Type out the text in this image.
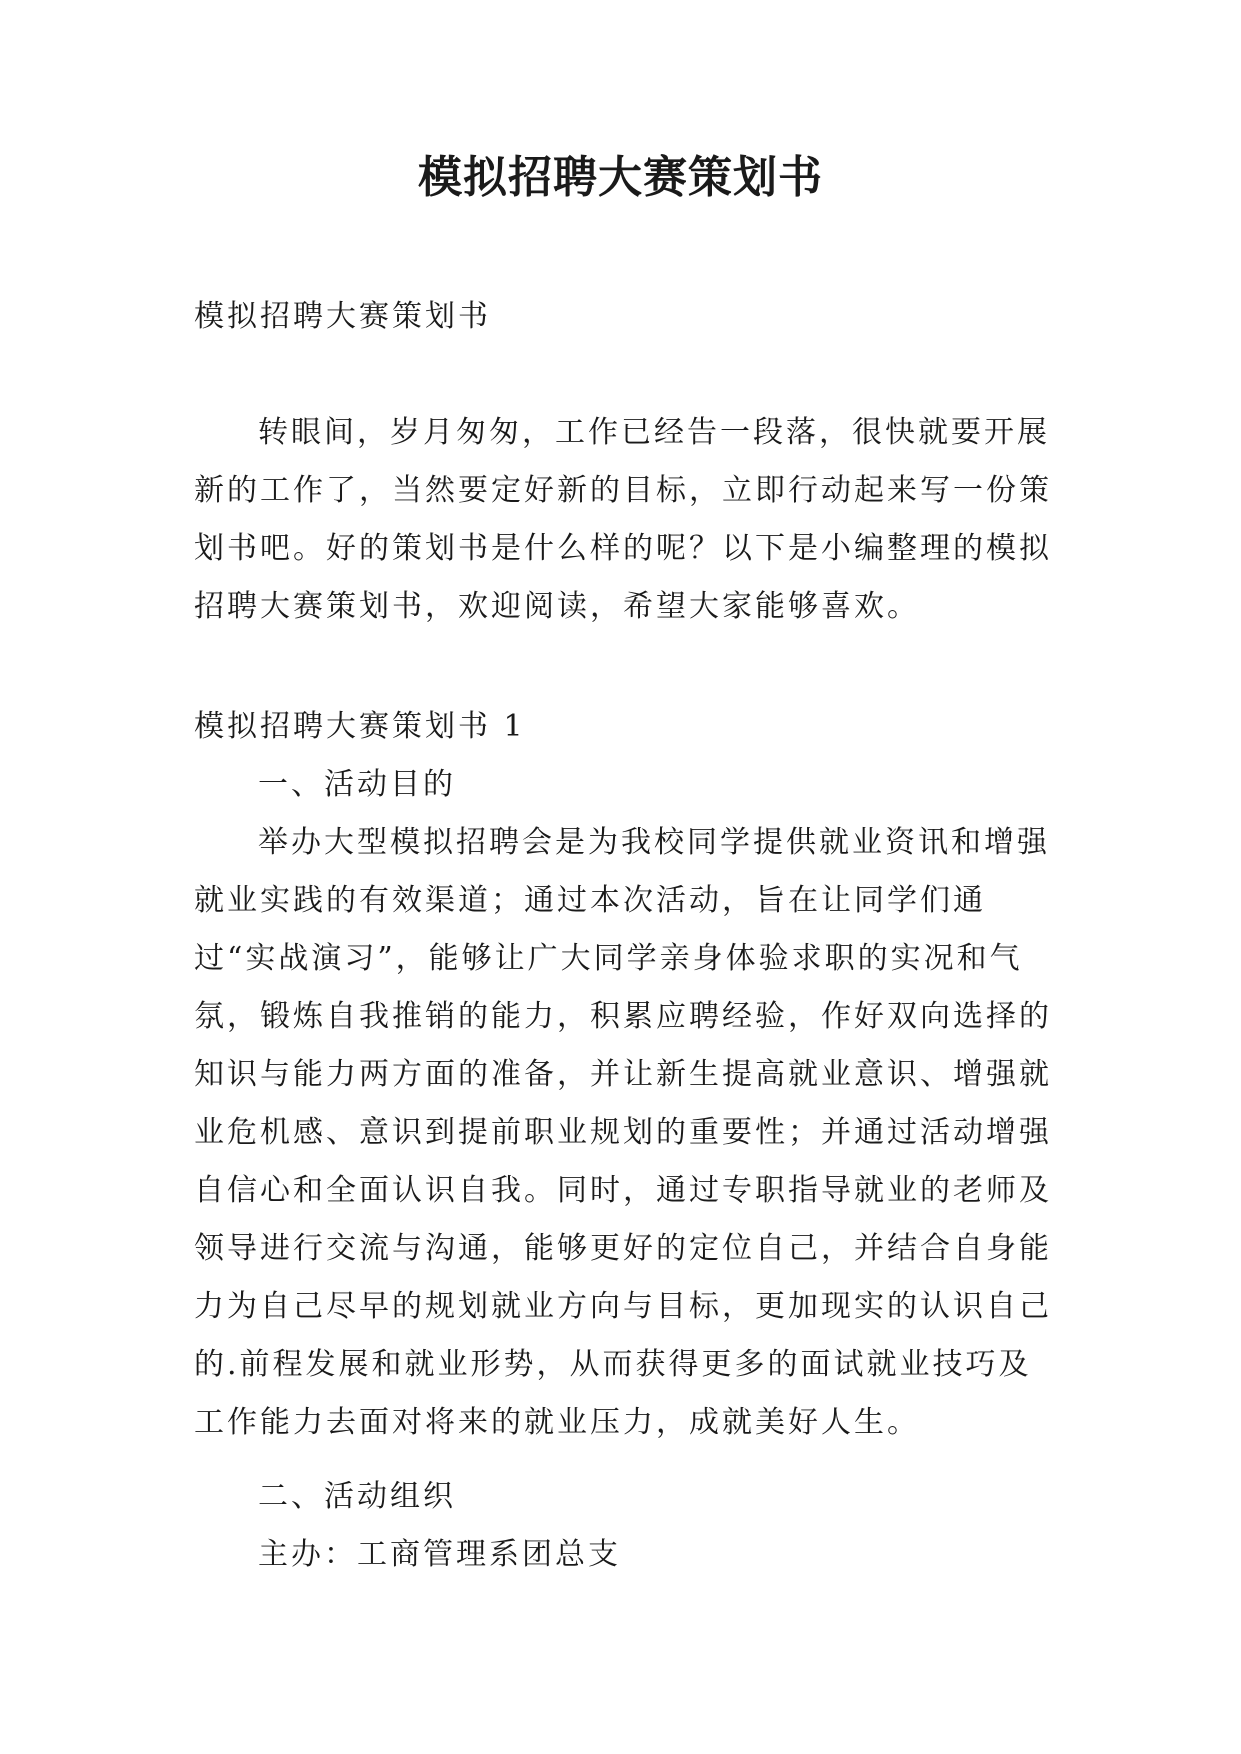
模拟招聘大赛策划书

模拟招聘大赛策划书

转眼间，岁月匆匆，工作已经告一段落，很快就要开展新的工作了，当然要定好新的目标，立即行动起来写一份策划书吧。好的策划书是什么样的呢？以下是小编整理的模拟招聘大赛策划书，欢迎阅读，希望大家能够喜欢。

模拟招聘大赛策划书 1

一、活动目的

举办大型模拟招聘会是为我校同学提供就业资讯和增强就业实践的有效渠道；通过本次活动，旨在让同学们通过“实战演习”，能够让广大同学亲身体验求职的实况和气氛，锻炼自我推销的能力，积累应聘经验，作好双向选择的知识与能力两方面的准备，并让新生提高就业意识、增强就业危机感、意识到提前职业规划的重要性；并通过活动增强自信心和全面认识自我。同时，通过专职指导就业的老师及领导进行交流与沟通，能够更好的定位自己，并结合自身能力为自己尽早的规划就业方向与目标，更加现实的认识自己的.前程发展和就业形势，从而获得更多的面试就业技巧及工作能力去面对将来的就业压力，成就美好人生。

二、活动组织

主办：工商管理系团总支
